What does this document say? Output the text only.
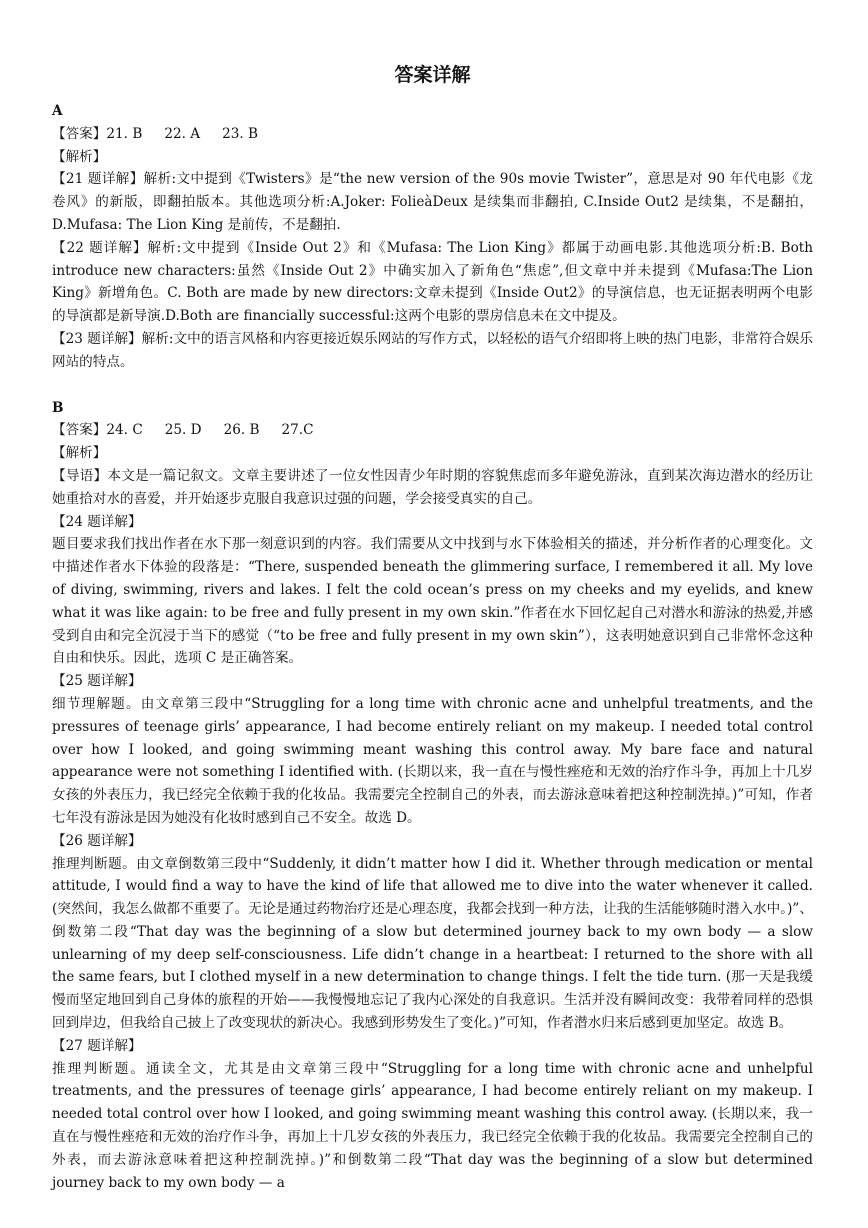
答案详解

A

【答案】21. B 22. A 23. B

【解析】

【21 题详解】解析:文中提到《Twisters》是“the new version of the 90s movie Twister”，意思是对 90 年代电影《龙卷风》的新版，即翻拍版本。其他选项分析:A.Joker: FolieàDeux 是续集而非翻拍, C.Inside Out2 是续集，不是翻拍，D.Mufasa: The Lion King 是前传，不是翻拍.

【22 题详解】解析:文中提到《Inside Out 2》和《Mufasa: The Lion King》都属于动画电影.其他选项分析:B. Both introduce new characters:虽然《Inside Out 2》中确实加入了新角色“焦虑”,但文章中并未提到《Mufasa:The Lion King》新增角色。C. Both are made by new directors:文章未提到《Inside Out2》的导演信息，也无证据表明两个电影的导演都是新导演.D.Both are financially successful:这两个电影的票房信息未在文中提及。

【23 题详解】解析:文中的语言风格和内容更接近娱乐网站的写作方式，以轻松的语气介绍即将上映的热门电影，非常符合娱乐网站的特点。

B

【答案】24. C 25. D 26. B 27.C

【解析】

【导语】本文是一篇记叙文。文章主要讲述了一位女性因青少年时期的容貌焦虑而多年避免游泳，直到某次海边潜水的经历让她重拾对水的喜爱，并开始逐步克服自我意识过强的问题，学会接受真实的自己。

【24 题详解】

题目要求我们找出作者在水下那一刻意识到的内容。我们需要从文中找到与水下体验相关的描述，并分析作者的心理变化。文中描述作者水下体验的段落是：“There, suspended beneath the glimmering surface, I remembered it all. My love of diving, swimming, rivers and lakes. I felt the cold ocean’s press on my cheeks and my eyelids, and knew what it was like again: to be free and fully present in my own skin.”作者在水下回忆起自己对潜水和游泳的热爱,并感受到自由和完全沉浸于当下的感觉（“to be free and fully present in my own skin”），这表明她意识到自己非常怀念这种自由和快乐。因此，选项 C 是正确答案。

【25 题详解】

细节理解题。由文章第三段中“Struggling for a long time with chronic acne and unhelpful treatments, and the pressures of teenage girls’ appearance, I had become entirely reliant on my makeup. I needed total control over how I looked, and going swimming meant washing this control away. My bare face and natural appearance were not something I identified with. (长期以来，我一直在与慢性痤疮和无效的治疗作斗争，再加上十几岁女孩的外表压力，我已经完全依赖于我的化妆品。我需要完全控制自己的外表，而去游泳意味着把这种控制洗掉。)”可知，作者七年没有游泳是因为她没有化妆时感到自己不安全。故选 D。

【26 题详解】

推理判断题。由文章倒数第三段中“Suddenly, it didn’t matter how I did it. Whether through medication or mental attitude, I would find a way to have the kind of life that allowed me to dive into the water whenever it called. (突然间，我怎么做都不重要了。无论是通过药物治疗还是心理态度，我都会找到一种方法，让我的生活能够随时潜入水中。)”、倒数第二段“That day was the beginning of a slow but determined journey back to my own body — a slow unlearning of my deep self-consciousness. Life didn’t change in a heartbeat: I returned to the shore with all the same fears, but I clothed myself in a new determination to change things. I felt the tide turn. (那一天是我缓慢而坚定地回到自己身体的旅程的开始——我慢慢地忘记了我内心深处的自我意识。生活并没有瞬间改变：我带着同样的恐惧回到岸边，但我给自己披上了改变现状的新决心。我感到形势发生了变化。)”可知，作者潜水归来后感到更加坚定。故选 B。

【27 题详解】

推理判断题。通读全文，尤其是由文章第三段中“Struggling for a long time with chronic acne and unhelpful treatments, and the pressures of teenage girls’ appearance, I had become entirely reliant on my makeup. I needed total control over how I looked, and going swimming meant washing this control away. (长期以来，我一直在与慢性痤疮和无效的治疗作斗争，再加上十几岁女孩的外表压力，我已经完全依赖于我的化妆品。我需要完全控制自己的外表，而去游泳意味着把这种控制洗掉。)”和倒数第二段“That day was the beginning of a slow but determined journey back to my own body — a
